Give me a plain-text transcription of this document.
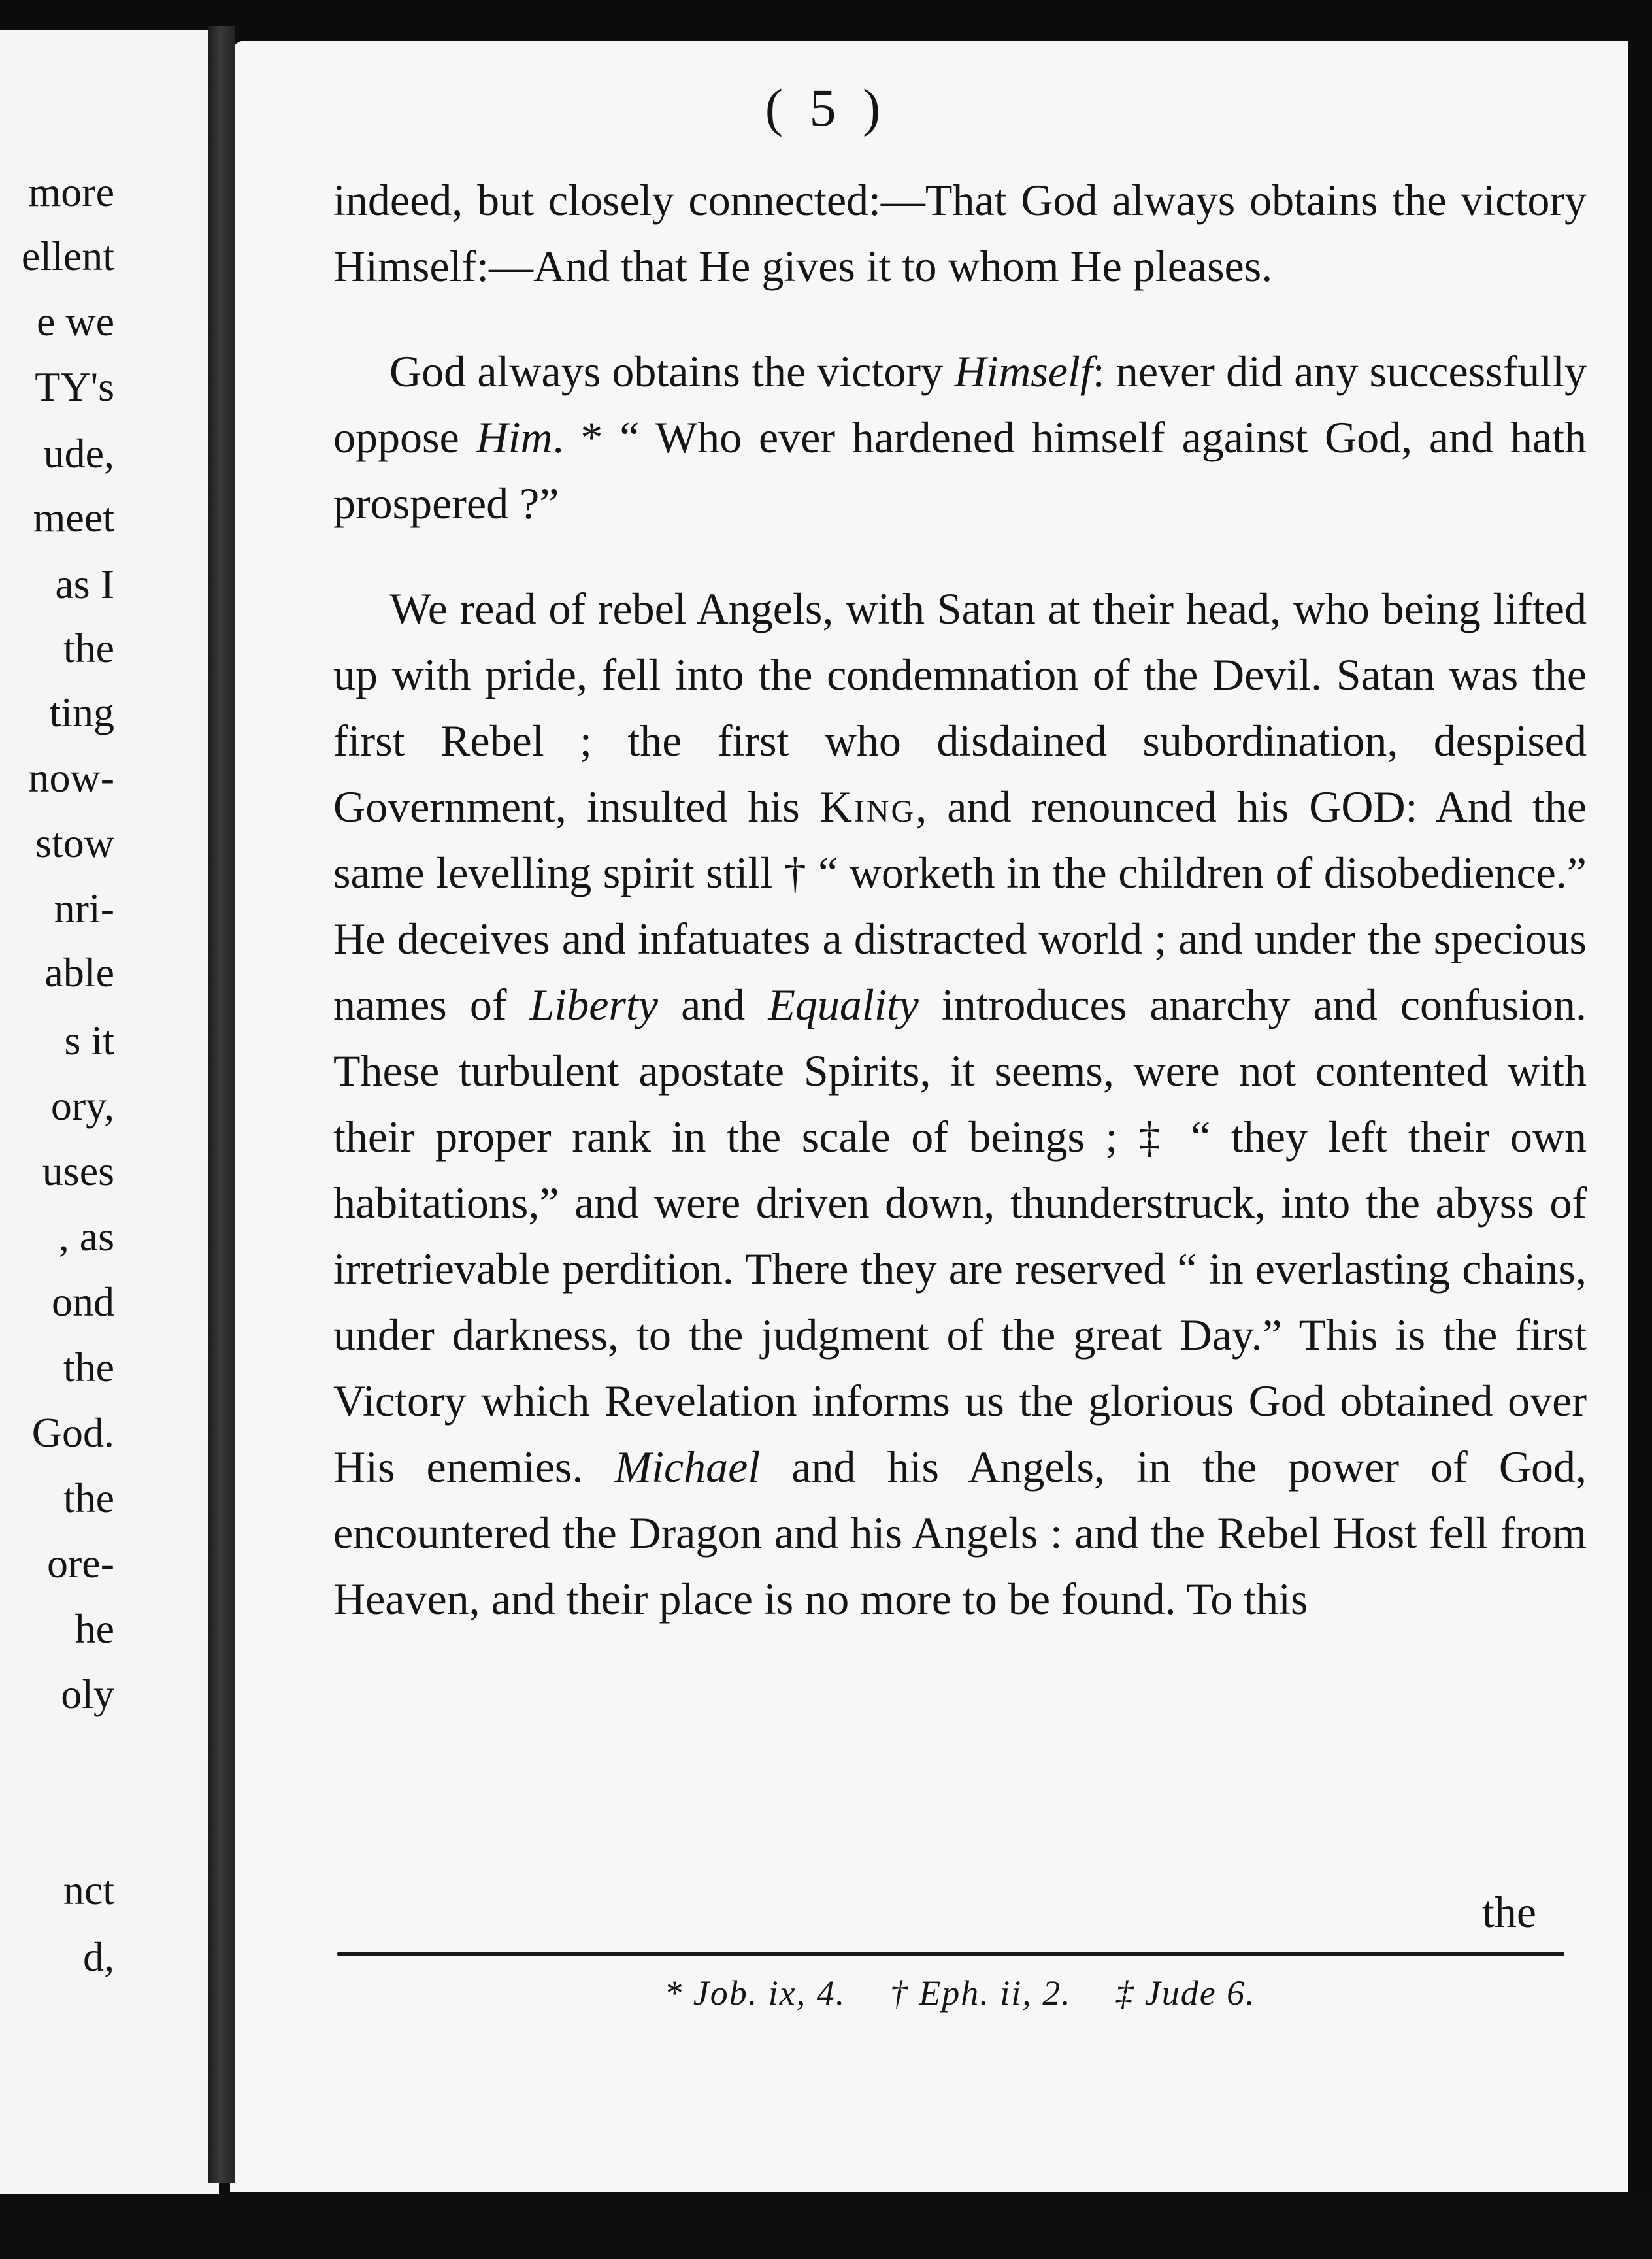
more

ellent

e we

TY's

ude,

meet

as I

the

ting

now-

stow

nri-

able

s it

ory,

uses

, as

ond

the

God.

the

ore-

he

oly

nct

d,

( 5 )

indeed, but closely connected:—That God always obtains the victory Himself:—And that He gives it to whom He pleases.

God always obtains the victory Himself: never did any successfully oppose Him. * “ Who ever hardened himself against God, and hath prospered ?”

We read of rebel Angels, with Satan at their head, who being lifted up with pride, fell into the condemnation of the Devil. Satan was the first Rebel ; the first who disdained subordination, despised Government, insulted his King, and renounced his GOD: And the same levelling spirit still † “ worketh in the children of disobedience.” He deceives and infatuates a distracted world ; and under the specious names of Liberty and Equality introduces anarchy and confusion. These turbulent apostate Spirits, it seems, were not contented with their proper rank in the scale of beings ; ‡ “ they left their own habitations,” and were driven down, thunderstruck, into the abyss of irretrievable perdition. There they are reserved “ in everlasting chains, under darkness, to the judgment of the great Day.” This is the first Victory which Revelation informs us the glorious God obtained over His enemies. Michael and his Angels, in the power of God, encountered the Dragon and his Angels : and the Rebel Host fell from Heaven, and their place is no more to be found. To this

the

* Job. ix, 4. † Eph. ii, 2. ‡ Jude 6.
